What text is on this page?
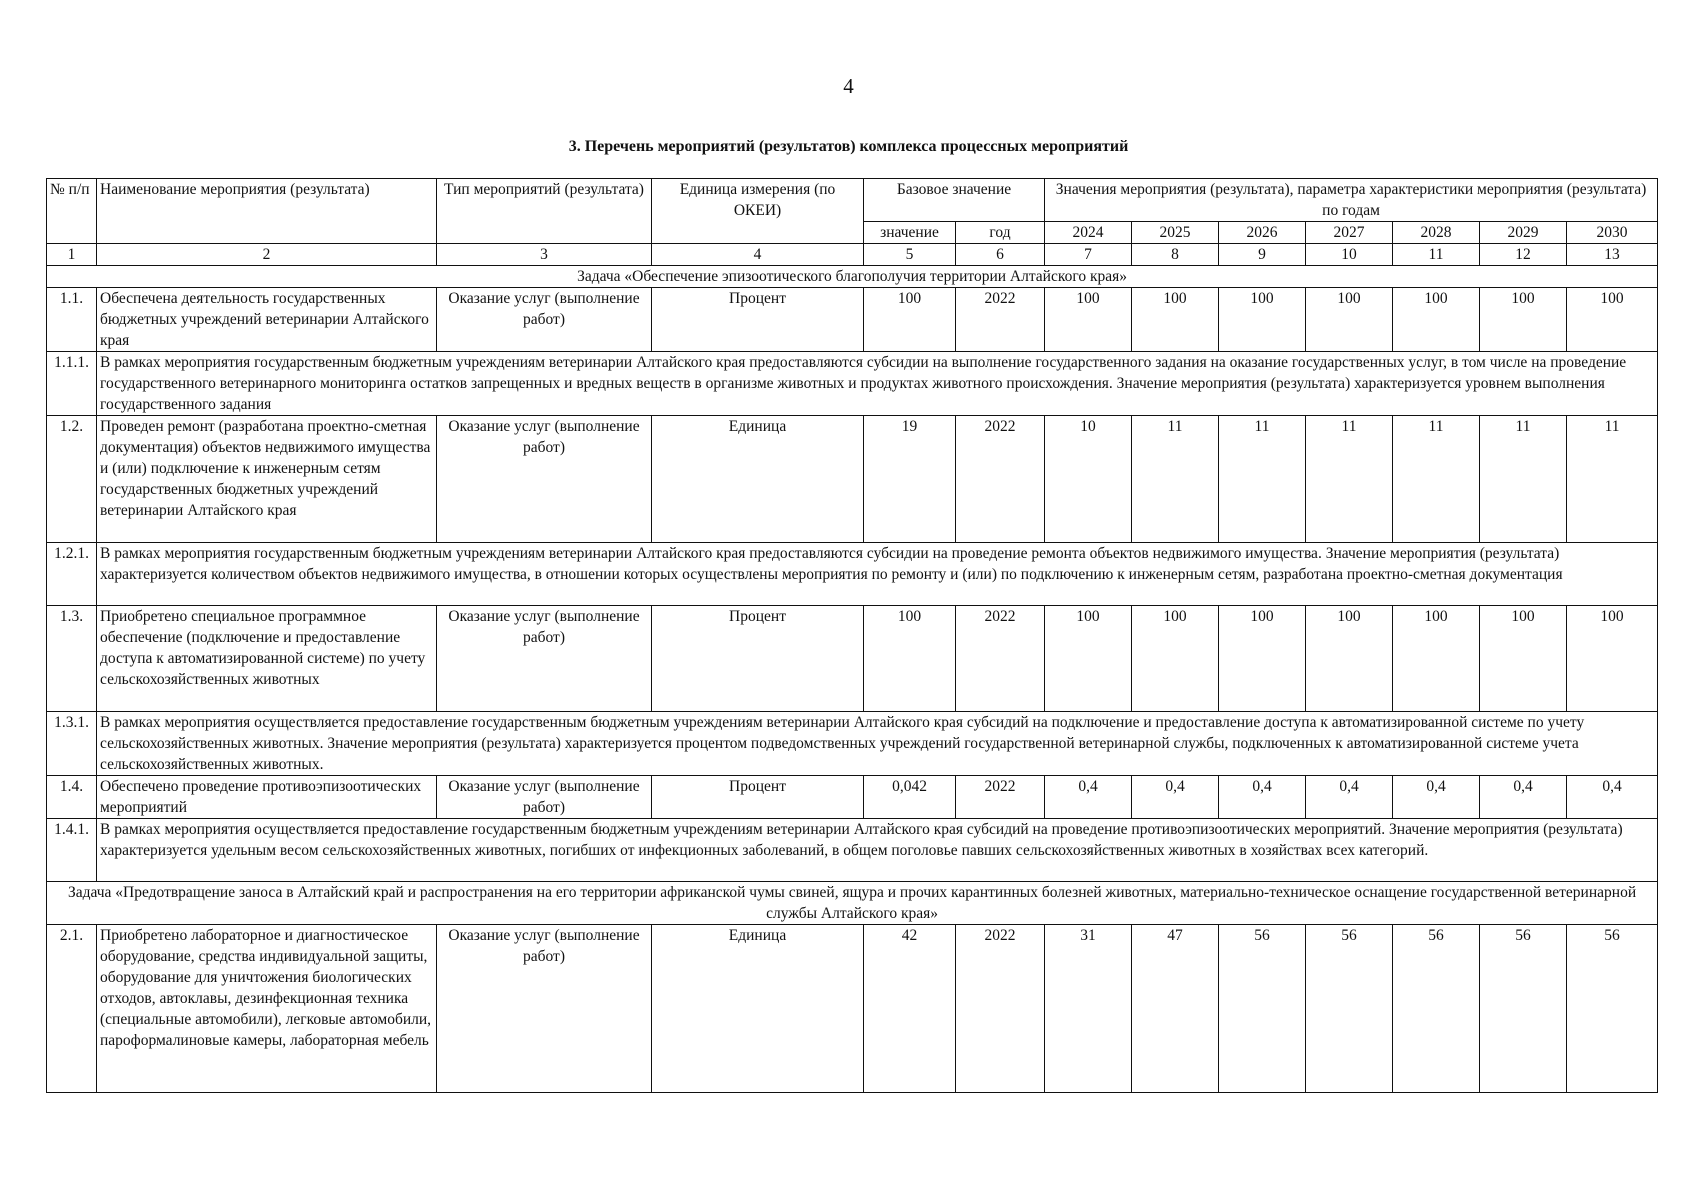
4
3. Перечень мероприятий (результатов) комплекса процессных мероприятий
№ п/п	Наименование мероприятия (результата)	Тип мероприятий (результата)	Единица измерения (по ОКЕИ)	Базовое значение		Значения мероприятия (результата), параметра характеристики мероприятия (результата) по годам						
				значение	год	2024	2025	2026	2027	2028	2029	2030
1	2	3	4	5	6	7	8	9	10	11	12	13
Задача «Обеспечение эпизоотического благополучия территории Алтайского края»												
1.1.	Обеспечена деятельность государственных бюджетных учреждений ветеринарии Алтайского края	Оказание услуг (выполнение работ)	Процент	100	2022	100	100	100	100	100	100	100
1.1.1.	В рамках мероприятия государственным бюджетным учреждениям ветеринарии Алтайского края предоставляются субсидии на выполнение государственного задания на оказание государственных услуг, в том числе на проведение государственного ветеринарного мониторинга остатков запрещенных и вредных веществ в организме животных и продуктах животного происхождения. Значение мероприятия (результата) характеризуется уровнем выполнения государственного задания											
1.2.	Проведен ремонт (разработана проектно-сметная документация) объектов недвижимого имущества и (или) подключение к инженерным сетям государственных бюджетных учреждений ветеринарии Алтайского края	Оказание услуг (выполнение работ)	Единица	19	2022	10	11	11	11	11	11	11
1.2.1.	В рамках мероприятия государственным бюджетным учреждениям ветеринарии Алтайского края предоставляются субсидии на проведение ремонта объектов недвижимого имущества. Значение мероприятия (результата) характеризуется количеством объектов недвижимого имущества, в отношении которых осуществлены мероприятия по ремонту и (или) по подключению к инженерным сетям, разработана проектно-сметная документация											
1.3.	Приобретено специальное программное обеспечение (подключение и предоставление доступа к автоматизированной системе) по учету сельскохозяйственных животных	Оказание услуг (выполнение работ)	Процент	100	2022	100	100	100	100	100	100	100
1.3.1.	В рамках мероприятия осуществляется предоставление государственным бюджетным учреждениям ветеринарии Алтайского края субсидий на подключение и предоставление доступа к автоматизированной системе по учету сельскохозяйственных животных. Значение мероприятия (результата) характеризуется процентом подведомственных учреждений государственной ветеринарной службы, подключенных к автоматизированной системе учета сельскохозяйственных животных.											
1.4.	Обеспечено проведение противоэпизоотических мероприятий	Оказание услуг (выполнение работ)	Процент	0,042	2022	0,4	0,4	0,4	0,4	0,4	0,4	0,4
1.4.1.	В рамках мероприятия осуществляется предоставление государственным бюджетным учреждениям ветеринарии Алтайского края субсидий на проведение противоэпизоотических мероприятий. Значение мероприятия (результата) характеризуется удельным весом сельскохозяйственных животных, погибших от инфекционных заболеваний, в общем поголовье павших сельскохозяйственных животных в хозяйствах всех категорий.											
Задача «Предотвращение заноса в Алтайский край и распространения на его территории африканской чумы свиней, ящура и прочих карантинных болезней животных, материально-техническое оснащение государственной ветеринарной службы Алтайского края»												
2.1.	Приобретено лабораторное и диагностическое оборудование, средства индивидуальной защиты, оборудование для уничтожения биологических отходов, автоклавы, дезинфекционная техника (специальные автомобили), легковые автомобили, пароформалиновые камеры, лабораторная мебель	Оказание услуг (выполнение работ)	Единица	42	2022	31	47	56	56	56	56	56
